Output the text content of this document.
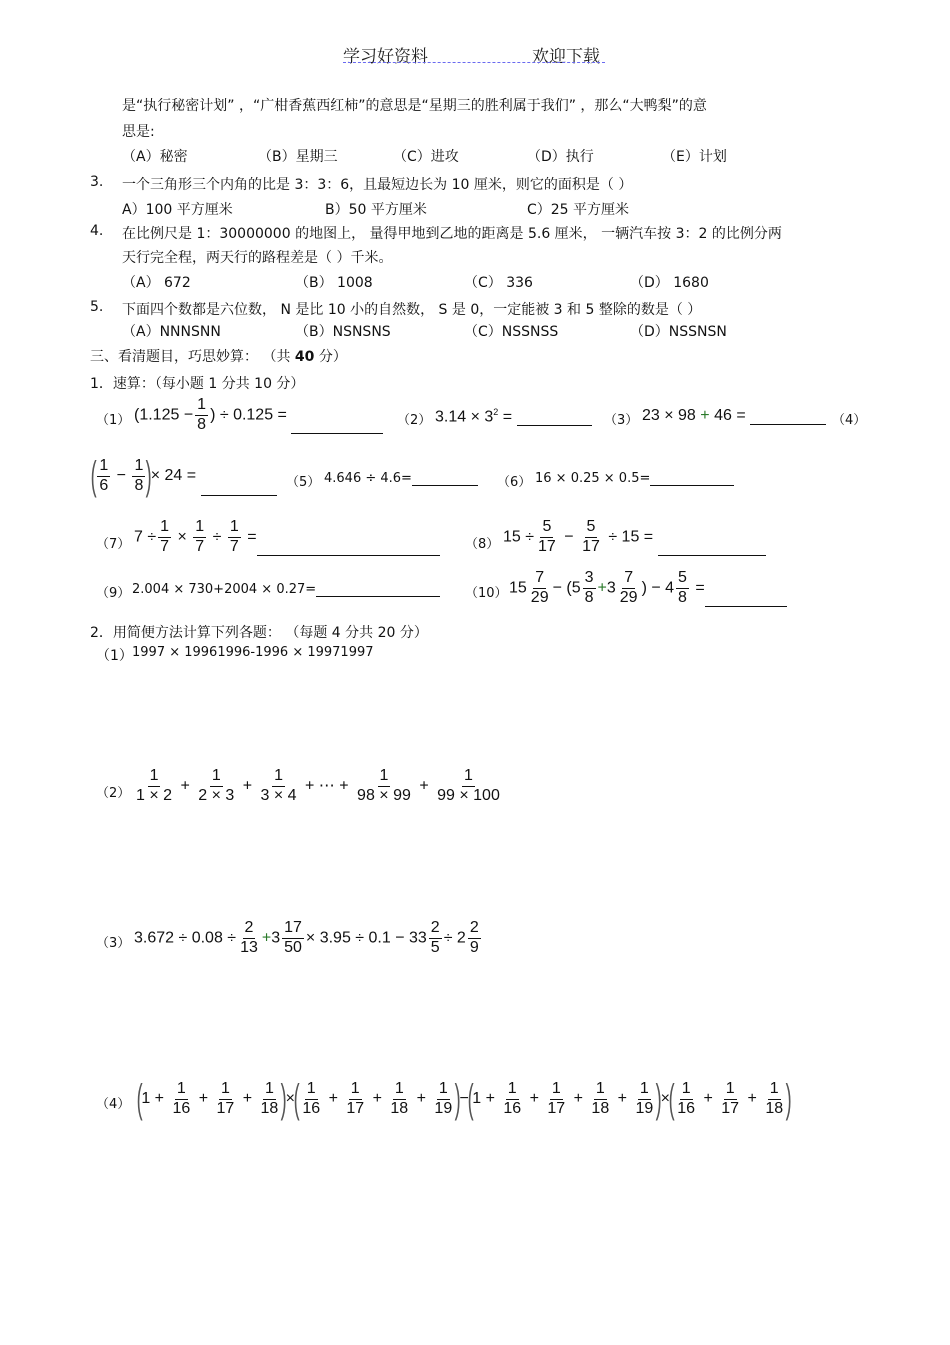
学习好资料	欢迎下载
是“执行秘密计划” ，“广柑香蕉西红柿”的意思是“星期三的胜利属于我们” ，那么“大鸭梨”的意
思是:
（A）秘密	（B）星期三	（C）进攻	（D）执行	（E）计划
3. 一个三角形三个内角的比是 3：3：6，且最短边长为 10 厘米，则它的面积是（ ）
A）100 平方厘米	B）50 平方厘米	C）25 平方厘米
4. 在比例尺是 1：30000000 的地图上， 量得甲地到乙地的距离是 5.6 厘米， 一辆汽车按 3：2 的比例分两
天行完全程，两天行的路程差是（ ）千米。
（A） 672	（B） 1008	（C） 336	（D） 1680
5. 下面四个数都是六位数， N 是比 10 小的自然数， S 是 0，一定能被 3 和 5 整除的数是（ ）
（A）NNNSNN	（B）NSNSNS	（C）NSSNSS	（D）NSSNSN
三、看清题目，巧思妙算： （共 40 分）
1．速算：（每小题 1 分共 10 分）
（1） ($1.125 - \frac{1}{8}$ ) ÷ 0.125 =	（2） $3.14 \times 3^2$ =	（3） 23 × 98 + 46 =	（4）
( $\frac{1}{6} - \frac{1}{8}$ )× 24 =	（5） 4.646 ÷ 4.6=	（6） 16 × 0.25 × 0.5=
（7） $7 \div \frac{1}{7} \times \frac{1}{7} \div \frac{1}{7}$ =	（8） $15 \div \frac{5}{17} - \frac{5}{17} \div 15$ =
（9） 2.004 × 730+2004 × 0.27=	（10） $15 \frac{7}{29} - (5 \frac{3}{8} +3 \frac{7}{29}$ ) − $4 \frac{5}{8}$ =
2．用简便方法计算下列各题： （每题 4 分共 20 分）
（1） 1997 × 19961996-1996 × 19971997
$(2) \frac{1}{1 \times 2} + \frac{1}{2 \times 3} + \frac{1}{3 \times 4}$ + ⋯ + $\frac{1}{98 \times 99} + \frac{1}{99 \times 100}$
（3） $3.672 \div 0.08 \div \frac{2}{13} +3 \frac{17}{50} \times 3.95 \div 0.1 - 33 \frac{2}{5} \div 2 \frac{2}{9}$
（4） ($1 + \frac{1}{16} + \frac{1}{17} + \frac{1}{18}$ )×( $\frac{1}{16} + \frac{1}{17} + \frac{1}{18} + \frac{1}{19} )-(1 + \frac{1}{16} + \frac{1}{17} + \frac{1}{18} + \frac{1}{19}$ )×( $\frac{1}{16} + \frac{1}{17} + \frac{1}{18}$ )
